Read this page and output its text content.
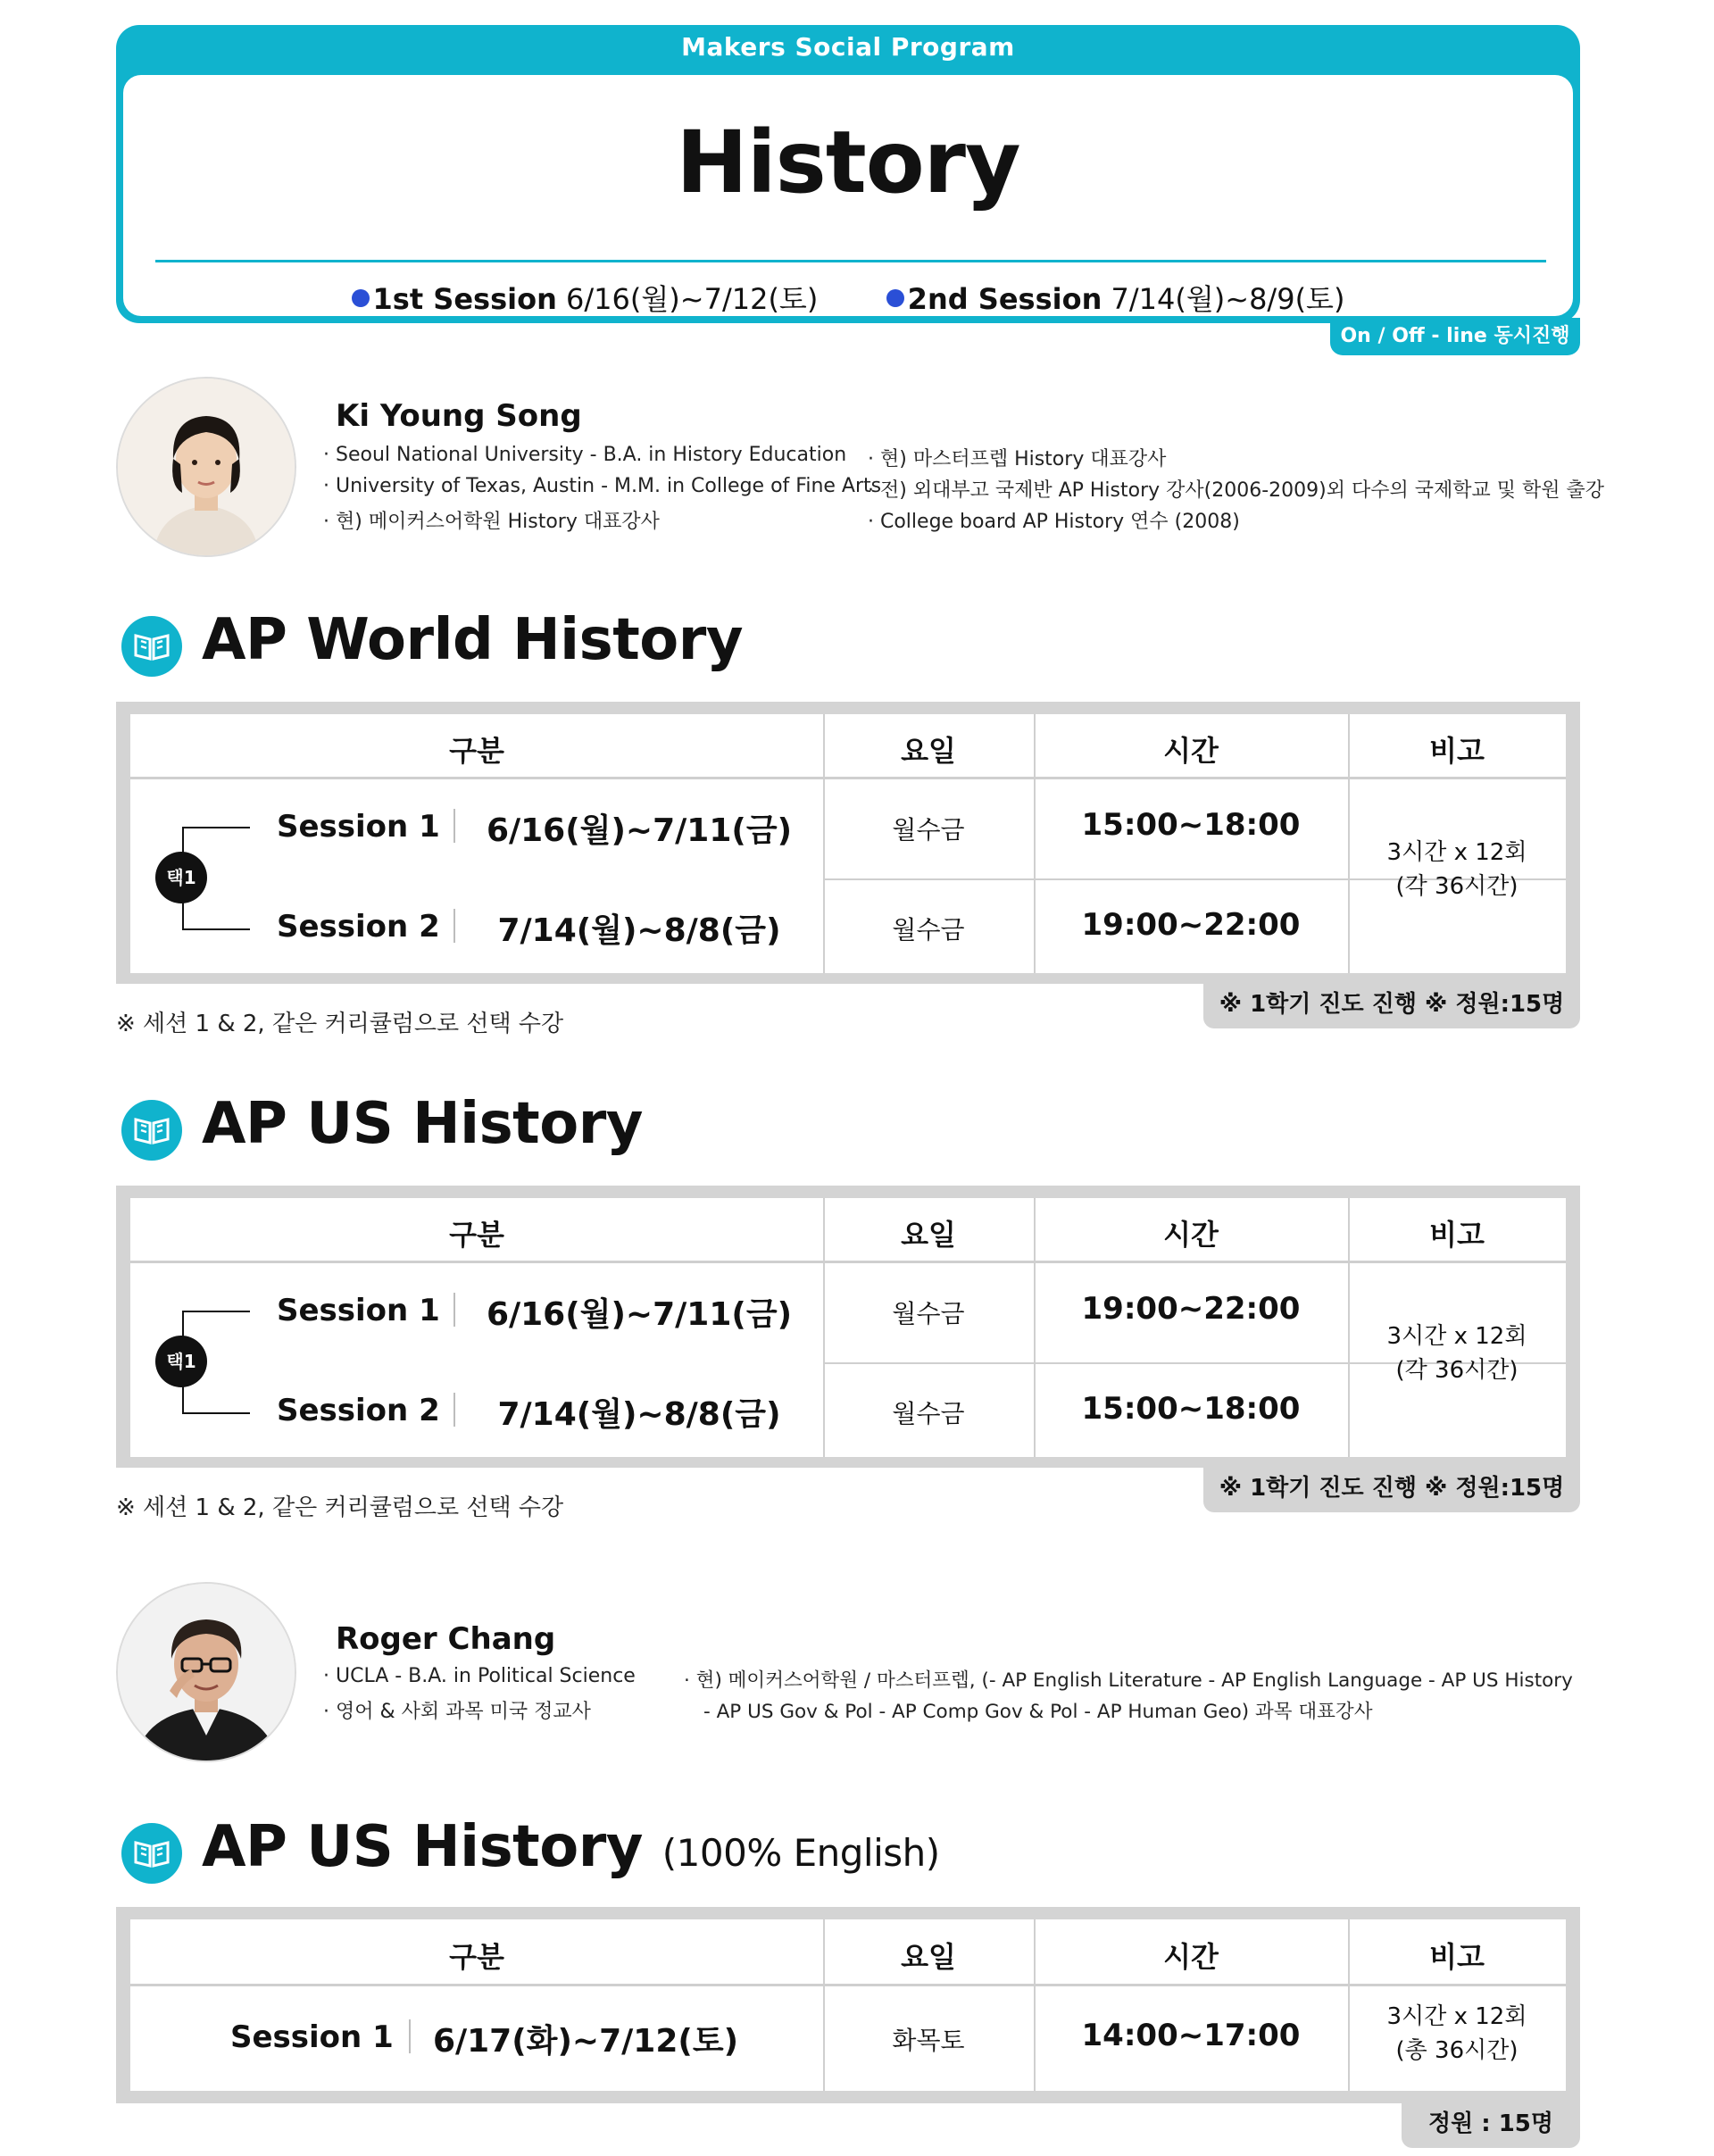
Makers Social Program
History
1st Session 6/16(월)~7/12(토)	2nd Session 7/14(월)~8/9(토)
On / Off - line 동시진행
Ki Young Song
· Seoul National University - B.A. in History Education
· University of Texas, Austin - M.M. in College of Fine Arts
· 현) 메이커스어학원 History 대표강사
· 현) 마스터프렙 History 대표강사
· 전) 외대부고 국제반 AP History 강사(2006-2009)외 다수의 국제학교 및 학원 출강
· College board AP History 연수 (2008)
AP World History
구분	요일	시간	비고
택1
Session 1	6/16(월)~7/11(금)	월수금	15:00~18:00
Session 2	7/14(월)~8/8(금)	월수금	19:00~22:00
3시간 x 12회
(각 36시간)
※ 1학기 진도 진행 ※ 정원:15명
※ 세션 1 & 2, 같은 커리큘럼으로 선택 수강
AP US History
구분	요일	시간	비고
택1
Session 1	6/16(월)~7/11(금)	월수금	19:00~22:00
Session 2	7/14(월)~8/8(금)	월수금	15:00~18:00
3시간 x 12회
(각 36시간)
※ 1학기 진도 진행 ※ 정원:15명
※ 세션 1 & 2, 같은 커리큘럼으로 선택 수강
Roger Chang
· UCLA - B.A. in Political Science
· 영어 & 사회 과목 미국 정교사
· 현) 메이커스어학원 / 마스터프렙, (- AP English Literature - AP English Language - AP US History
- AP US Gov & Pol - AP Comp Gov & Pol - AP Human Geo) 과목 대표강사
AP US History (100% English)
구분	요일	시간	비고
Session 1 6/17(화)~7/12(토)	화목토	14:00~17:00
3시간 x 12회
(총 36시간)
정원 : 15명
